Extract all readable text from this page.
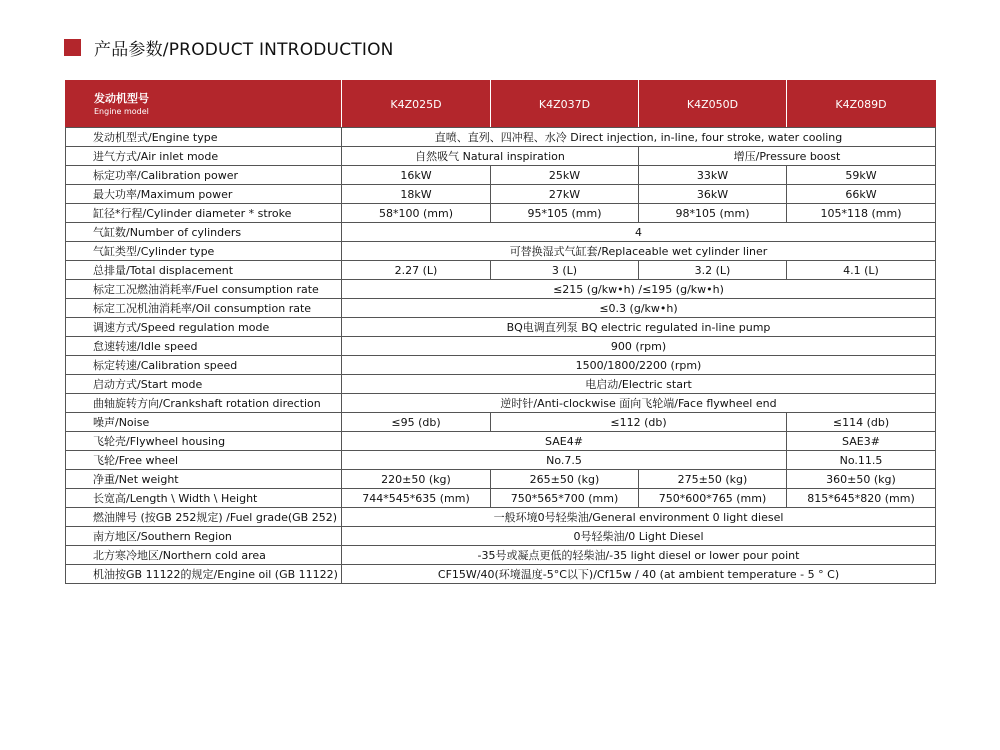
产品参数/PRODUCT INTRODUCTION
发动机型号
Engine model	K4Z025D	K4Z037D	K4Z050D	K4Z089D
发动机型式/Engine type	直喷、直列、四冲程、水冷 Direct injection, in-line, four stroke, water cooling			
进气方式/Air inlet mode	自然吸气 Natural inspiration		增压/Pressure boost	
标定功率/Calibration power	16kW	25kW	33kW	59kW
最大功率/Maximum power	18kW	27kW	36kW	66kW
缸径*行程/Cylinder diameter * stroke	58*100 (mm)	95*105 (mm)	98*105 (mm)	105*118 (mm)
气缸数/Number of cylinders	4			
气缸类型/Cylinder type	可替换湿式气缸套/Replaceable wet cylinder liner			
总排量/Total displacement	2.27 (L)	3 (L)	3.2 (L)	4.1 (L)
标定工况燃油消耗率/Fuel consumption rate	≤215 (g/kw•h) /≤195 (g/kw•h)			
标定工况机油消耗率/Oil consumption rate	≤0.3 (g/kw•h)			
调速方式/Speed regulation mode	BQ电调直列泵 BQ electric regulated in-line pump			
怠速转速/Idle speed	900 (rpm)			
标定转速/Calibration speed	1500/1800/2200 (rpm)			
启动方式/Start mode	电启动/Electric start			
曲轴旋转方向/Crankshaft rotation direction	逆时针/Anti-clockwise 面向飞轮端/Face flywheel end			
噪声/Noise	≤95 (db)	≤112 (db)		≤114 (db)
飞轮壳/Flywheel housing	SAE4#			SAE3#
飞轮/Free wheel	No.7.5			No.11.5
净重/Net weight	220±50 (kg)	265±50 (kg)	275±50 (kg)	360±50 (kg)
长宽高/Length \ Width \ Height	744*545*635 (mm)	750*565*700 (mm)	750*600*765 (mm)	815*645*820 (mm)
燃油牌号 (按GB 252规定) /Fuel grade(GB 252)	一般环境0号轻柴油/General environment 0 light diesel			
南方地区/Southern Region	0号轻柴油/0 Light Diesel			
北方寒冷地区/Northern cold area	-35号或凝点更低的轻柴油/-35 light diesel or lower pour point			
机油按GB 11122的规定/Engine oil (GB 11122)	CF15W/40(环境温度-5°C以下)/Cf15w / 40 (at ambient temperature - 5 ° C)			
